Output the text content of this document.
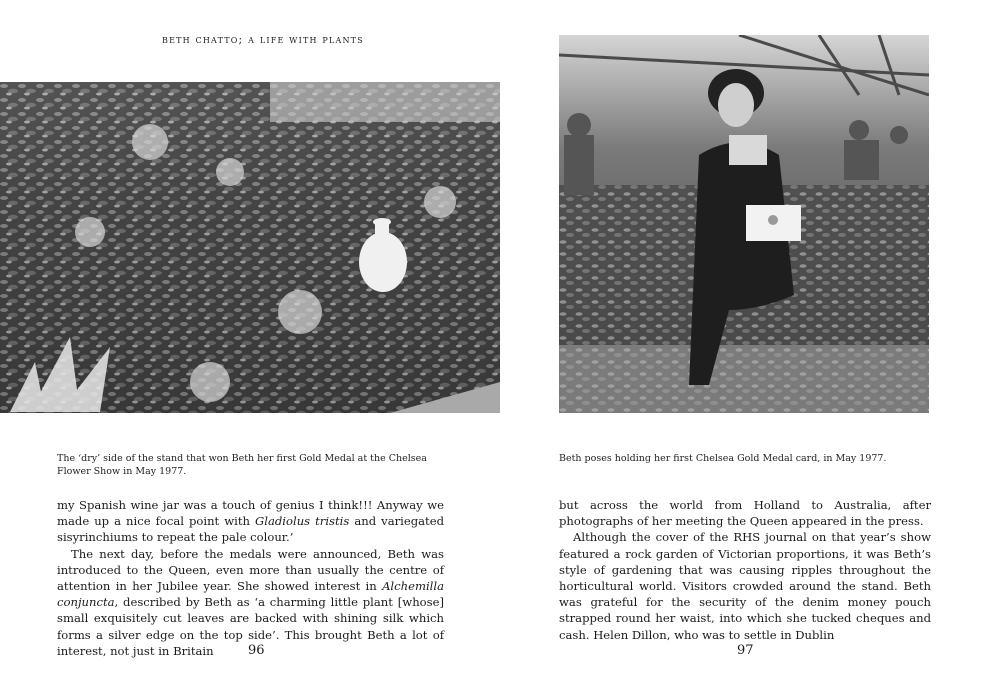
beth chatto; a life with plants
The ‘dry’ side of the stand that won Beth her first Gold Medal at the Chelsea Flower Show in May 1977.

my Spanish wine jar was a touch of genius I think!!! Anyway we made up a nice focal point with Gladiolus tristis and variegated sisyrinchiums to repeat the pale colour.’

The next day, before the medals were announced, Beth was introduced to the Queen, even more than usually the centre of attention in her Jubilee year. She showed interest in Alchemilla conjuncta, described by Beth as ‘a charming little plant [whose] small exquisitely cut leaves are backed with shining silk which forms a silver edge on the top side’. This brought Beth a lot of interest, not just in Britain	96
Beth poses holding her first Chelsea Gold Medal card, in May 1977.

but across the world from Holland to Australia, after photographs of her meeting the Queen appeared in the press.

Although the cover of the RHS journal on that year’s show featured a rock garden of Victorian proportions, it was Beth’s style of gardening that was causing ripples throughout the horticultural world. Visitors crowded around the stand. Beth was grateful for the security of the denim money pouch strapped round her waist, into which she tucked cheques and cash. Helen Dillon, who was to settle in Dublin

97
